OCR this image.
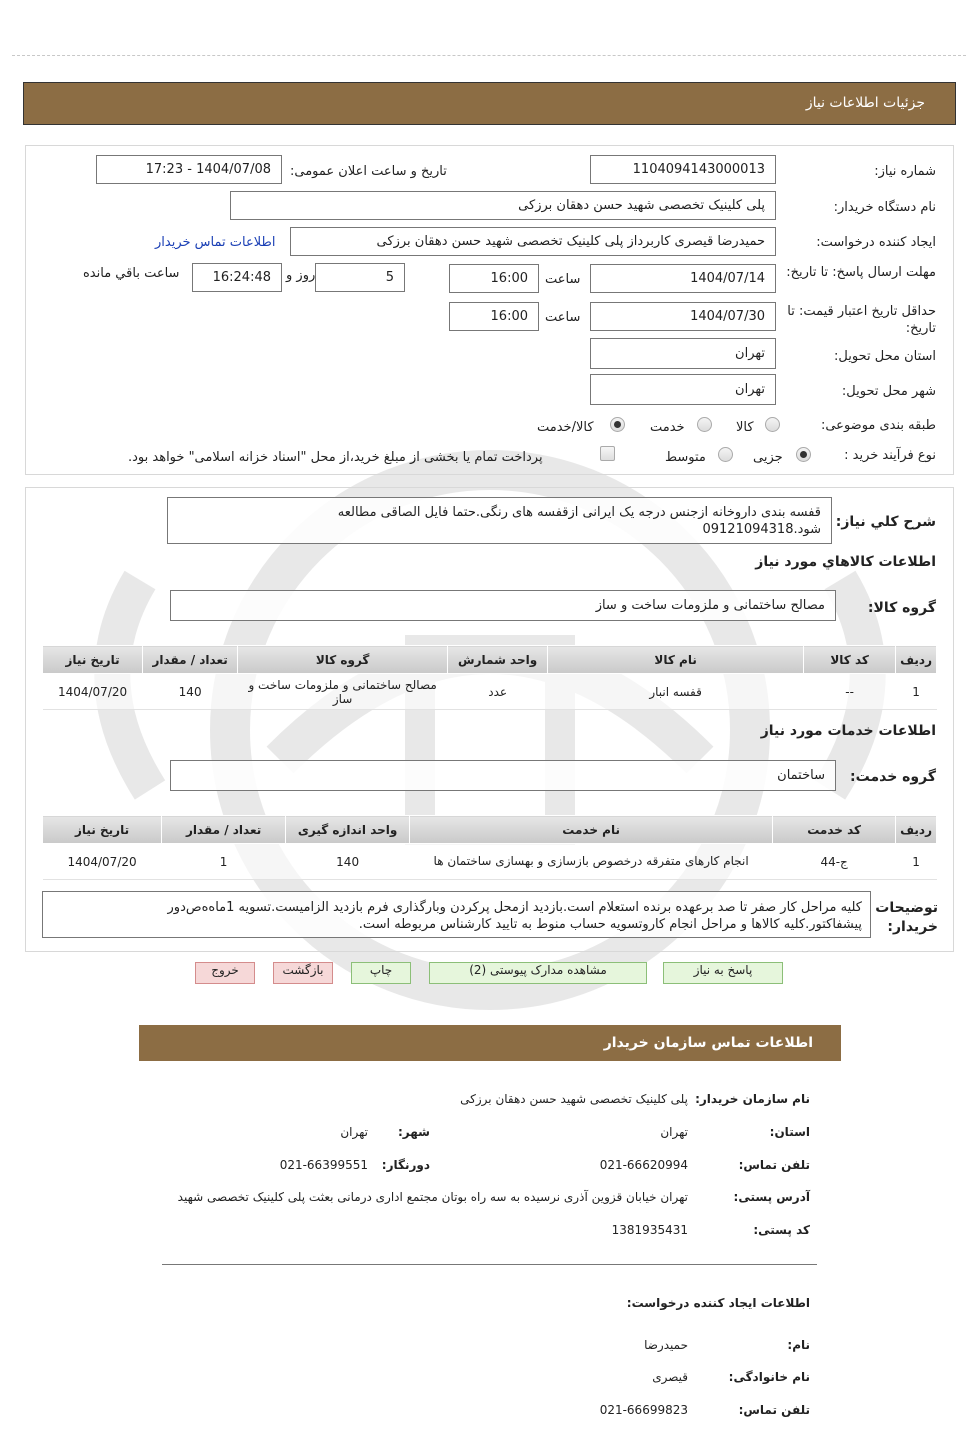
جزئیات اطلاعات نیاز
شماره نیاز:
1104094143000013
تاریخ و ساعت اعلان عمومی:
1404/07/08 - 17:23
نام دستگاه خریدار:
پلی کلینیک تخصصی شهید حسن دهقان برزکی
ایجاد کننده درخواست:
حمیدرضا قیصری کاربرداز پلی کلینیک تخصصی شهید حسن دهقان برزکی
اطلاعات تماس خریدار
مهلت ارسال پاسخ: تا تاریخ:
1404/07/14
ساعت
16:00
5
روز و
16:24:48
ساعت باقي مانده
حداقل تاریخ اعتبار قیمت: تا تاریخ:
1404/07/30
ساعت
16:00
استان محل تحویل:
تهران
شهر محل تحویل:
تهران
طبقه بندی موضوعی:
کالا
خدمت
کالا/خدمت
نوع فرآیند خرید :
جزیی
متوسط
پرداخت تمام یا بخشی از مبلغ خرید،از محل "اسناد خزانه اسلامی" خواهد بود.
شرح کلي نياز:
قفسه بندی داروخانه ازجنس درجه یک ایرانی ازقفسه های رنگی.حتما فایل الصاقی مطالعه
شود.09121094318
اطلاعات کالاهاي مورد نياز
گروه کالا:
مصالح ساختمانی و ملزومات ساخت و ساز
رديف	کد کالا	نام کالا	واحد شمارش	گروه کالا	تعداد / مقدار	تاریخ نیاز
1	--	قفسه انبار	عدد	مصالح ساختمانی و ملزومات ساخت و ساز	140	1404/07/20
اطلاعات خدمات مورد نياز
گروه خدمت:
ساختمان
رديف	کد خدمت	نام خدمت	واحد اندازه گیری	تعداد / مقدار	تاریخ نیاز
1	ج-44	انجام کارهای متفرقه درخصوص بازسازی و بهسازی ساختمان ها	140	1	1404/07/20
توضیحات
خریدار:
کلیه مراحل کار صفر تا صد برعهده برنده استعلام است.بازدید ازمحل پرکردن وبارگذاری فرم بازدید الزامیست.تسویه 1ماه‌ه‌ص‌دور
پیشفاکتور.کلیه کالاها و مراحل انجام کاروتسویه حساب منوط به تایید کارشناس مربوطه است.
پاسخ به نیاز
مشاهده مدارک پیوستی (2)
چاپ
بازگشت
خروج
اطلاعات تماس سازمان خریدار
نام سازمان خریدار:
پلی کلینیک تخصصی شهید حسن دهقان برزکی
استان:
تهران
شهر:
تهران
تلفن تماس:
021-66620994
دورنگار:
021-66399551
آدرس پستی:
تهران خیابان قزوین آذری نرسیده به سه راه بوتان مجتمع اداری درمانی بعثت پلی کلینیک تخصصی شهید
کد پستی:
1381935431
اطلاعات ایجاد کننده درخواست:
نام:
حمیدرضا
نام خانوادگی:
قیصری
تلفن تماس:
021-66699823
